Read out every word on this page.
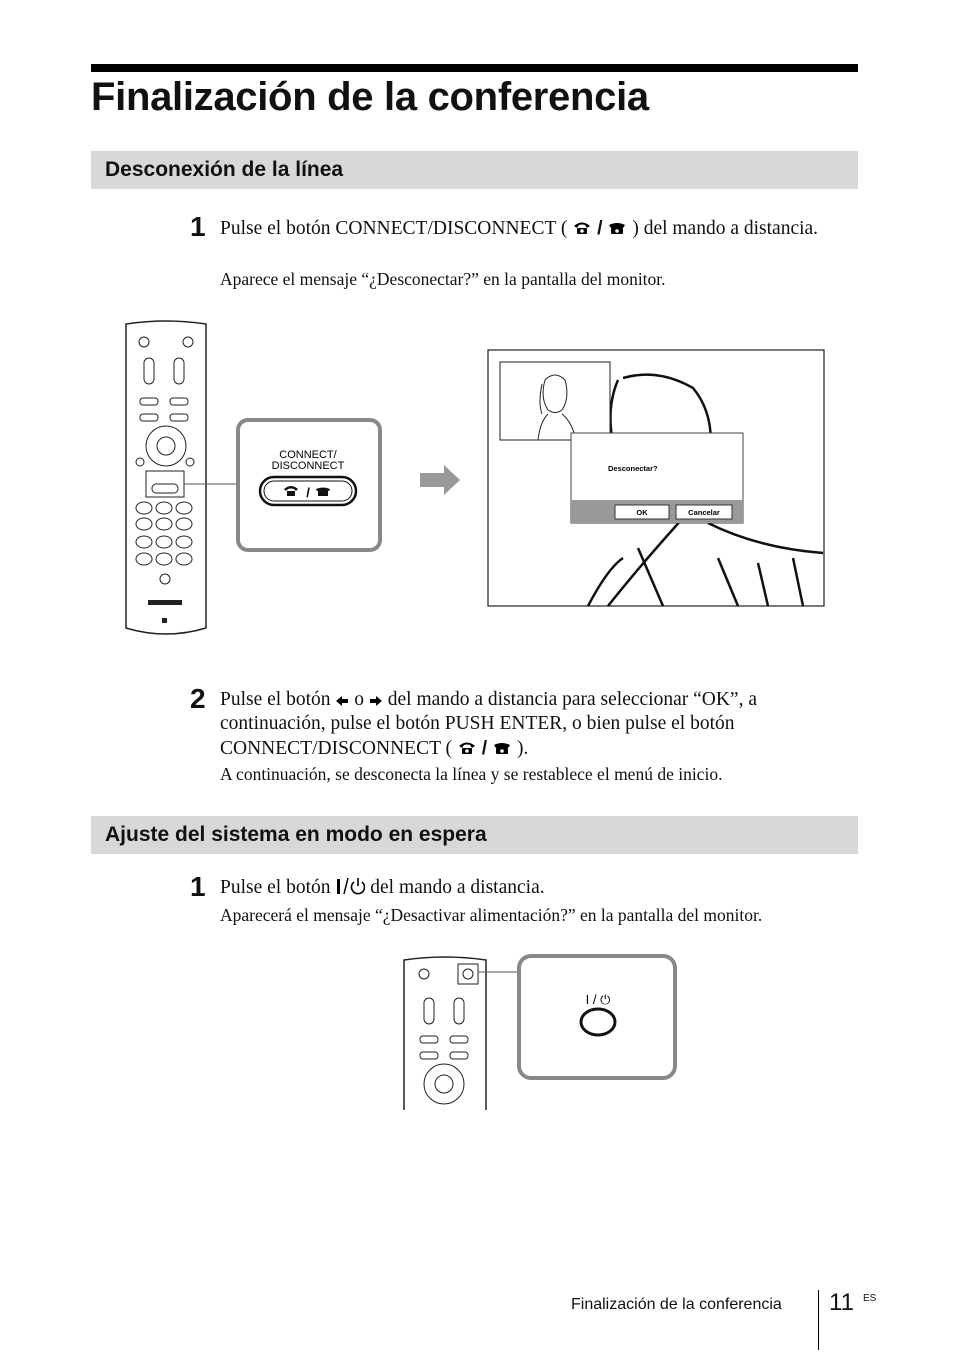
Finalización de la conferencia
Desconexión de la línea
1 Pulse el botón CONNECT/DISCONNECT ( / ) del mando a distancia.
Aparece el mensaje “¿Desconectar?” en la pantalla del monitor.
CONNECT/
DISCONNECT
/
Desconectar?
OK	Cancelar
2 Pulse el botón o del mando a distancia para seleccionar “OK”, a
continuación, pulse el botón PUSH ENTER, o bien pulse el botón
CONNECT/DISCONNECT ( / ).
A continuación, se desconecta la línea y se restablece el menú de inicio.
Ajuste del sistema en modo en espera
1 Pulse el botón del mando a distancia.
Aparecerá el mensaje “¿Desactivar alimentación?” en la pantalla del monitor.
I / ⏻
Finalización de la conferencia 11 ES
